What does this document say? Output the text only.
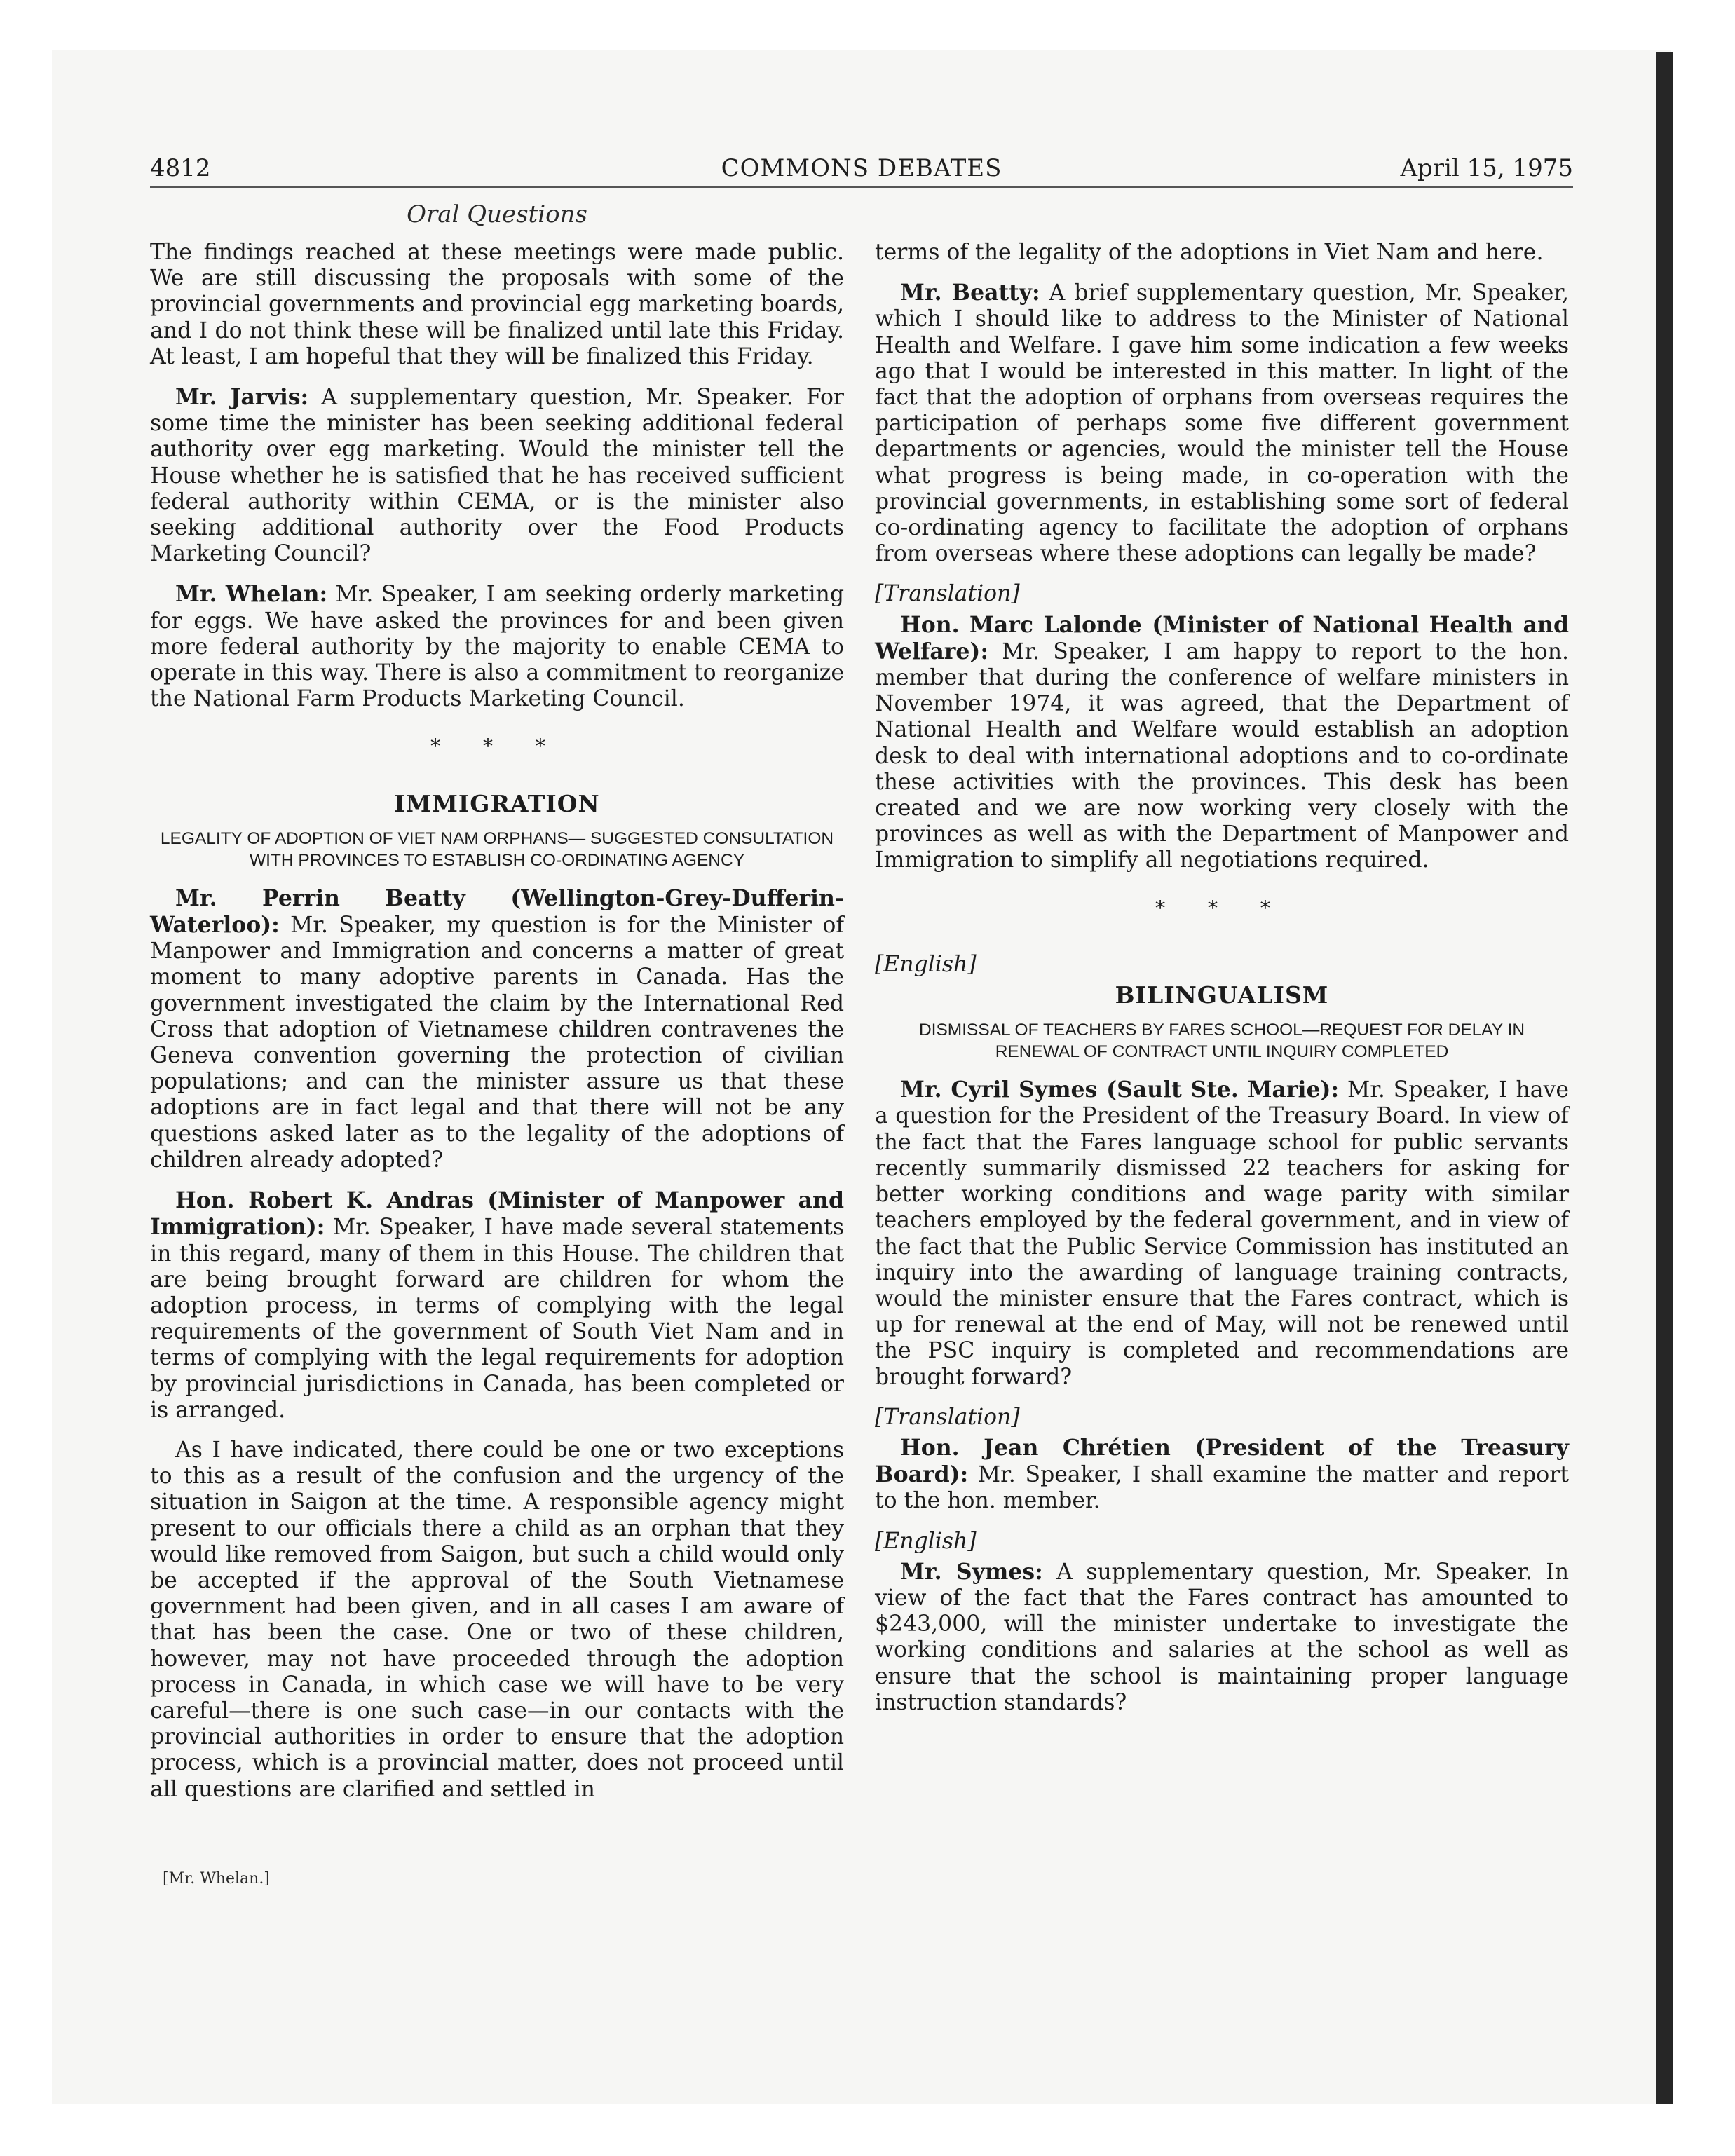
4812	COMMONS DEBATES	April 15, 1975
Oral Questions

The findings reached at these meetings were made public. We are still discussing the proposals with some of the provincial governments and provincial egg marketing boards, and I do not think these will be finalized until late this Friday. At least, I am hopeful that they will be finalized this Friday.

Mr. Jarvis: A supplementary question, Mr. Speaker. For some time the minister has been seeking additional federal authority over egg marketing. Would the minister tell the House whether he is satisfied that he has received sufficient federal authority within CEMA, or is the minister also seeking additional authority over the Food Products Marketing Council?

Mr. Whelan: Mr. Speaker, I am seeking orderly marketing for eggs. We have asked the provinces for and been given more federal authority by the majority to enable CEMA to operate in this way. There is also a commitment to reorganize the National Farm Products Marketing Council.

* * *
IMMIGRATION
LEGALITY OF ADOPTION OF VIET NAM ORPHANS— SUGGESTED CONSULTATION WITH PROVINCES TO ESTABLISH CO-ORDINATING AGENCY

Mr. Perrin Beatty (Wellington-Grey-Dufferin-Waterloo): Mr. Speaker, my question is for the Minister of Manpower and Immigration and concerns a matter of great moment to many adoptive parents in Canada. Has the government investigated the claim by the International Red Cross that adoption of Vietnamese children contravenes the Geneva convention governing the protection of civilian populations; and can the minister assure us that these adoptions are in fact legal and that there will not be any questions asked later as to the legality of the adoptions of children already adopted?

Hon. Robert K. Andras (Minister of Manpower and Immigration): Mr. Speaker, I have made several statements in this regard, many of them in this House. The children that are being brought forward are children for whom the adoption process, in terms of complying with the legal requirements of the government of South Viet Nam and in terms of complying with the legal requirements for adoption by provincial jurisdictions in Canada, has been completed or is arranged.

As I have indicated, there could be one or two exceptions to this as a result of the confusion and the urgency of the situation in Saigon at the time. A responsible agency might present to our officials there a child as an orphan that they would like removed from Saigon, but such a child would only be accepted if the approval of the South Vietnamese government had been given, and in all cases I am aware of that has been the case. One or two of these children, however, may not have proceeded through the adoption process in Canada, in which case we will have to be very careful—there is one such case—in our contacts with the provincial authorities in order to ensure that the adoption process, which is a provincial matter, does not proceed until all questions are clarified and settled in

[Mr. Whelan.]

terms of the legality of the adoptions in Viet Nam and here.

Mr. Beatty: A brief supplementary question, Mr. Speaker, which I should like to address to the Minister of National Health and Welfare. I gave him some indication a few weeks ago that I would be interested in this matter. In light of the fact that the adoption of orphans from overseas requires the participation of perhaps some five different government departments or agencies, would the minister tell the House what progress is being made, in co-operation with the provincial governments, in establishing some sort of federal co-ordinating agency to facilitate the adoption of orphans from overseas where these adoptions can legally be made?

[Translation]

Hon. Marc Lalonde (Minister of National Health and Welfare): Mr. Speaker, I am happy to report to the hon. member that during the conference of welfare ministers in November 1974, it was agreed, that the Department of National Health and Welfare would establish an adoption desk to deal with international adoptions and to co-ordinate these activities with the provinces. This desk has been created and we are now working very closely with the provinces as well as with the Department of Manpower and Immigration to simplify all negotiations required.

* * *
[English]
BILINGUALISM
DISMISSAL OF TEACHERS BY FARES SCHOOL—REQUEST FOR DELAY IN RENEWAL OF CONTRACT UNTIL INQUIRY COMPLETED

Mr. Cyril Symes (Sault Ste. Marie): Mr. Speaker, I have a question for the President of the Treasury Board. In view of the fact that the Fares language school for public servants recently summarily dismissed 22 teachers for asking for better working conditions and wage parity with similar teachers employed by the federal government, and in view of the fact that the Public Service Commission has instituted an inquiry into the awarding of language training contracts, would the minister ensure that the Fares contract, which is up for renewal at the end of May, will not be renewed until the PSC inquiry is completed and recommendations are brought forward?

[Translation]

Hon. Jean Chrétien (President of the Treasury Board): Mr. Speaker, I shall examine the matter and report to the hon. member.

[English]

Mr. Symes: A supplementary question, Mr. Speaker. In view of the fact that the Fares contract has amounted to $243,000, will the minister undertake to investigate the working conditions and salaries at the school as well as ensure that the school is maintaining proper language instruction standards?
